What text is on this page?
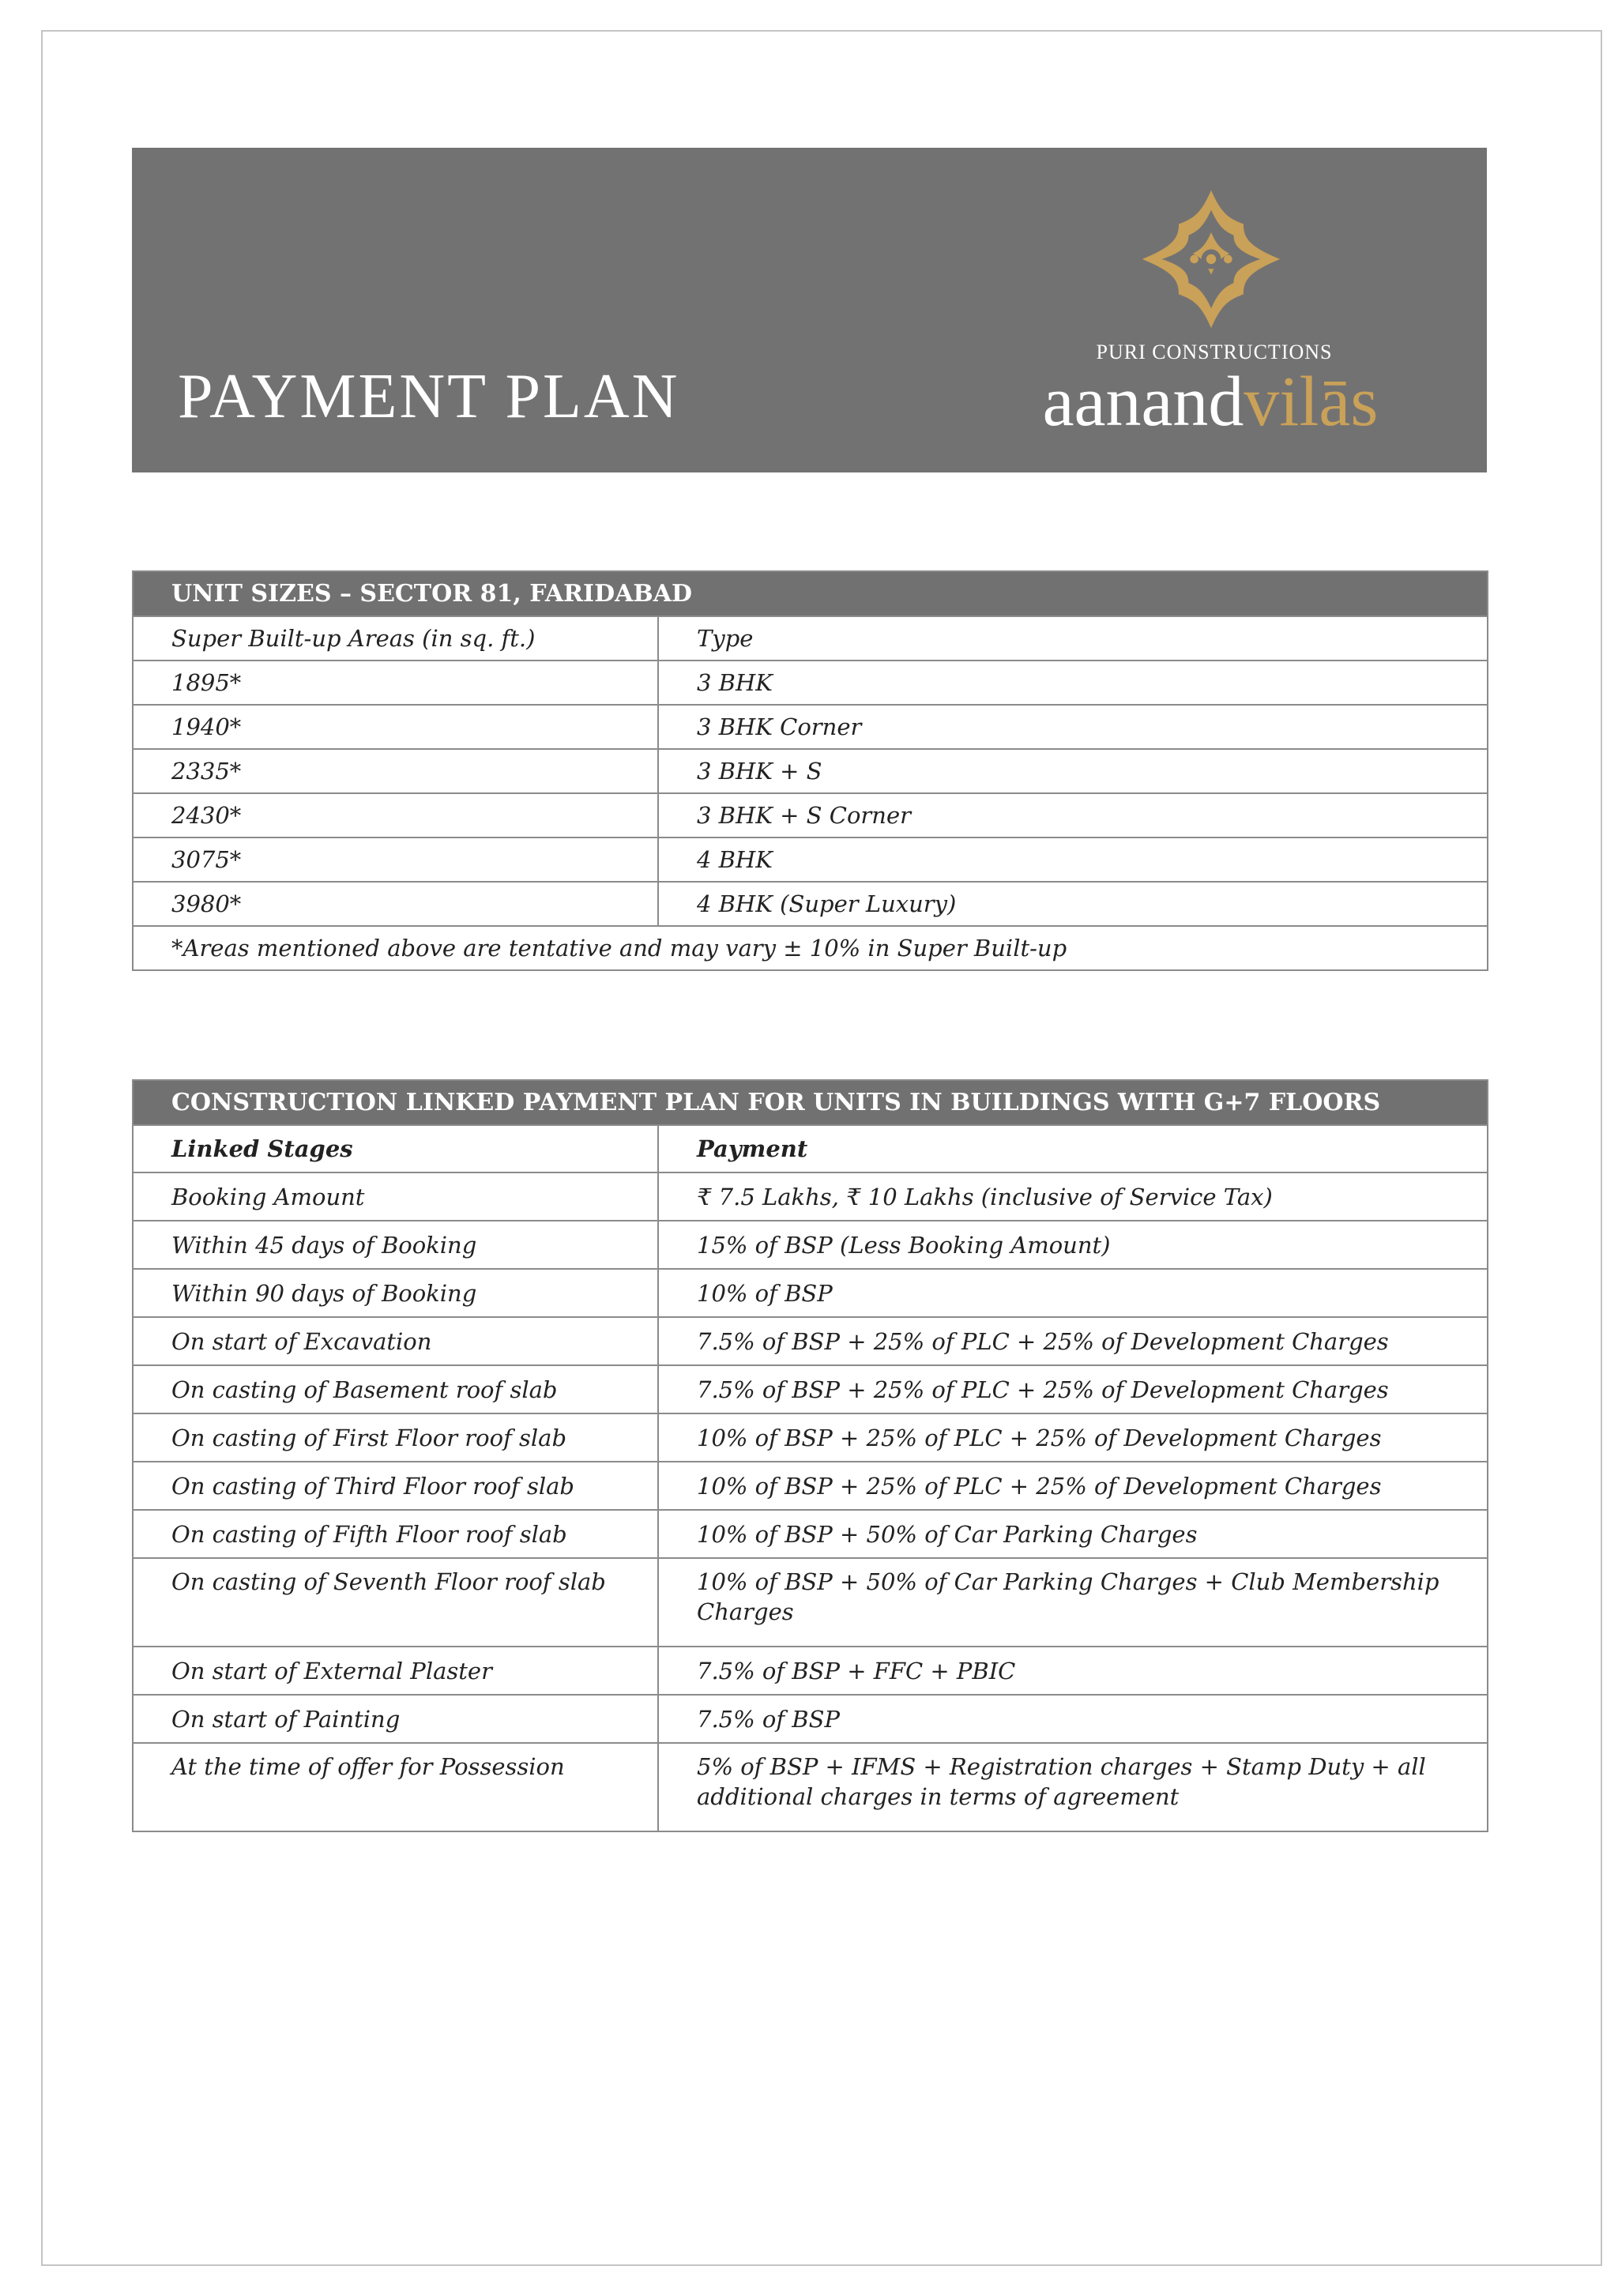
PAYMENT PLAN
PURI CONSTRUCTIONS
aanandvilās
UNIT SIZES – SECTOR 81, FARIDABAD	
Super Built-up Areas (in sq. ft.)	Type
1895*	3 BHK
1940*	3 BHK Corner
2335*	3 BHK + S
2430*	3 BHK + S Corner
3075*	4 BHK
3980*	4 BHK (Super Luxury)
*Areas mentioned above are tentative and may vary ± 10% in Super Built-up	
CONSTRUCTION LINKED PAYMENT PLAN FOR UNITS IN BUILDINGS WITH G+7 FLOORS	
Linked Stages	Payment
Booking Amount	₹ 7.5 Lakhs, ₹ 10 Lakhs (inclusive of Service Tax)
Within 45 days of Booking	15% of BSP (Less Booking Amount)
Within 90 days of Booking	10% of BSP
On start of Excavation	7.5% of BSP + 25% of PLC + 25% of Development Charges
On casting of Basement roof slab	7.5% of BSP + 25% of PLC + 25% of Development Charges
On casting of First Floor roof slab	10% of BSP + 25% of PLC + 25% of Development Charges
On casting of Third Floor roof slab	10% of BSP + 25% of PLC + 25% of Development Charges
On casting of Fifth Floor roof slab	10% of BSP + 50% of Car Parking Charges
On casting of Seventh Floor roof slab	10% of BSP + 50% of Car Parking Charges + Club Membership Charges
On start of External Plaster	7.5% of BSP + FFC + PBIC
On start of Painting	7.5% of BSP
At the time of offer for Possession	5% of BSP + IFMS + Registration charges + Stamp Duty + all additional charges in terms of agreement
